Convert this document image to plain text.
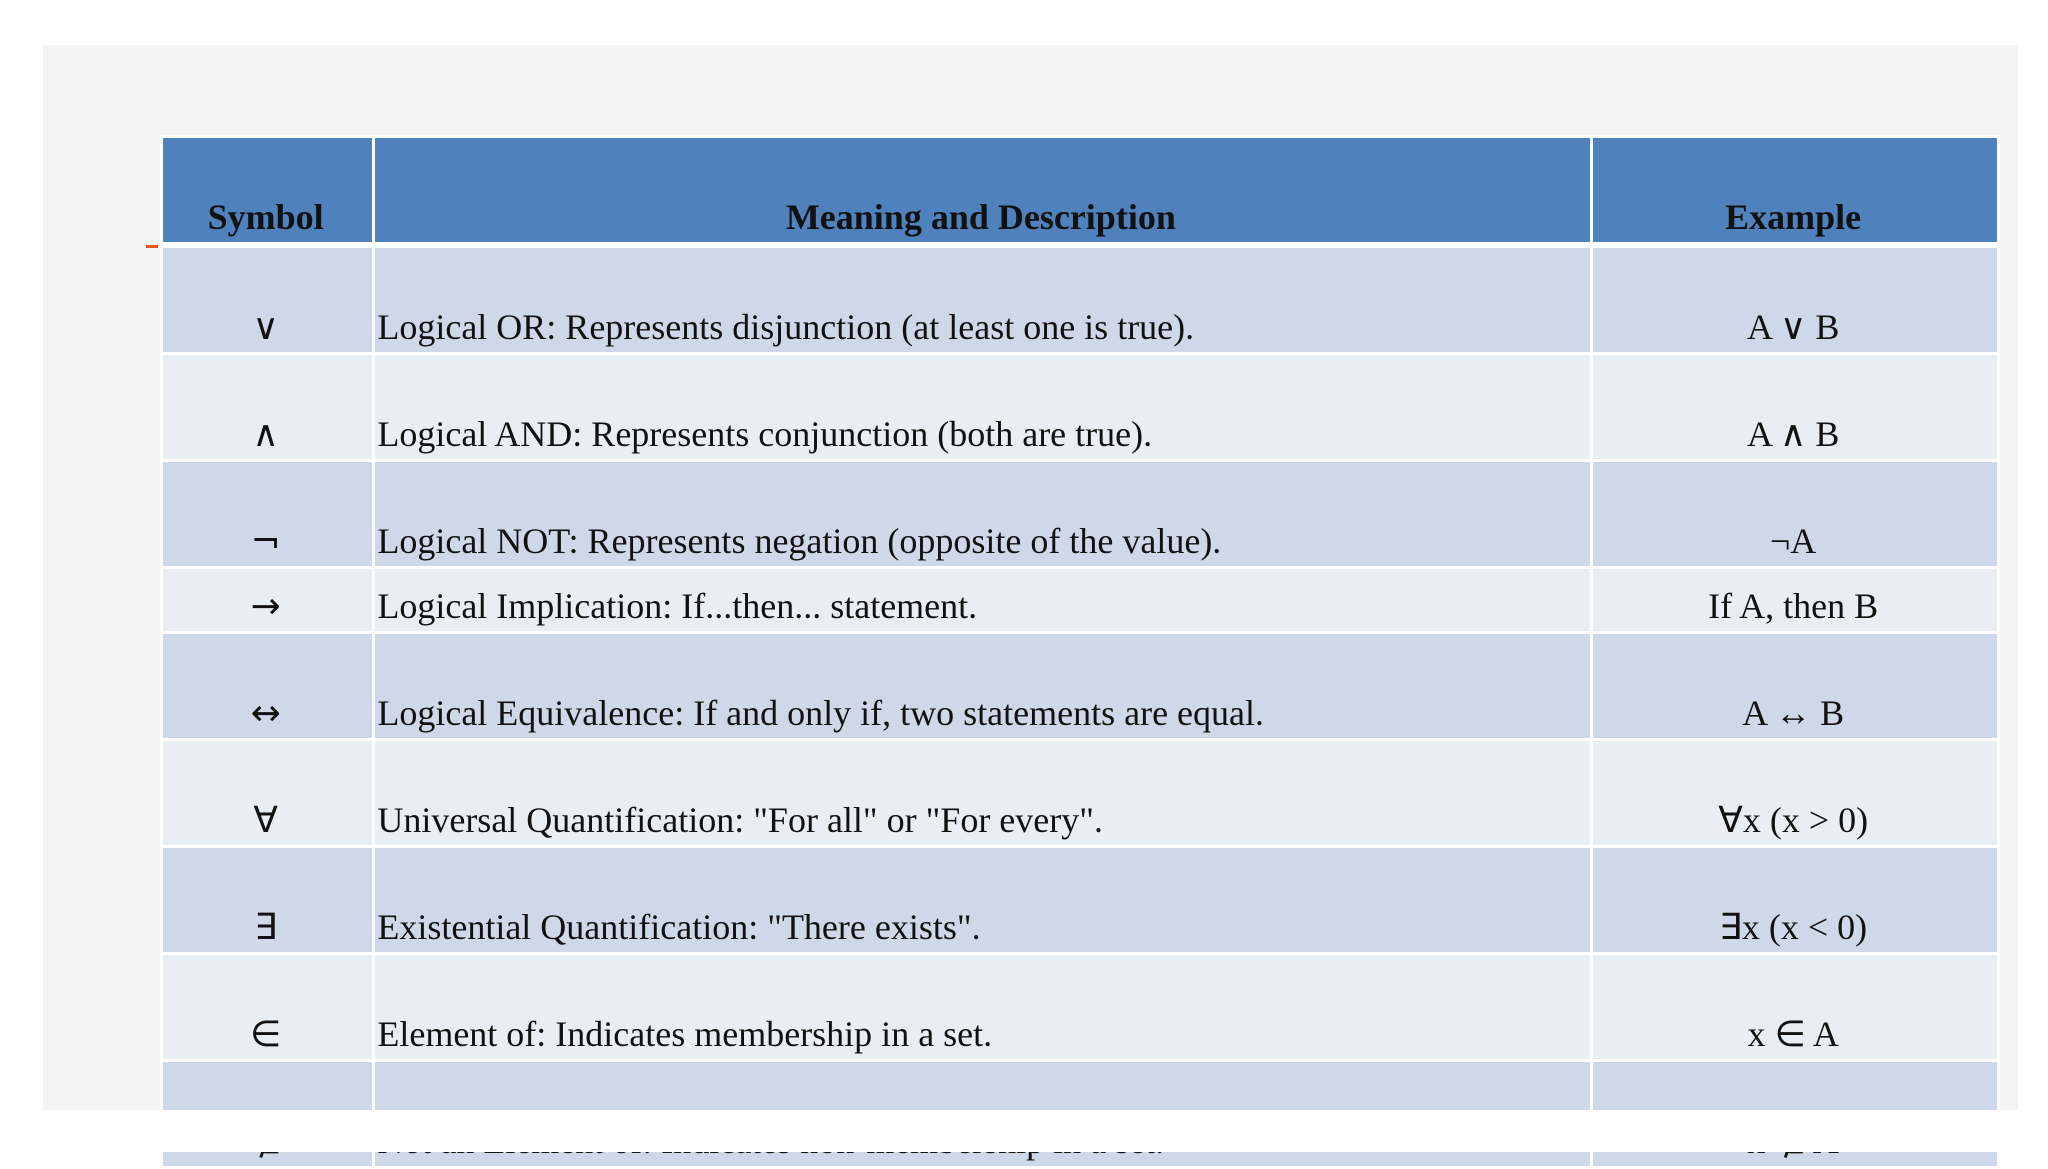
Symbol	Meaning and Description	Example
∨	Logical OR: Represents disjunction (at least one is true).	A ∨ B
∧	Logical AND: Represents conjunction (both are true).	A ∧ B
¬	Logical NOT: Represents negation (opposite of the value).	¬A
→	Logical Implication: If...then... statement.	If A, then B
↔	Logical Equivalence: If and only if, two statements are equal.	A ↔ B
∀	Universal Quantification: "For all" or "For every".	∀x (x > 0)
∃	Existential Quantification: "There exists".	∃x (x < 0)
∈	Element of: Indicates membership in a set.	x ∈ A
